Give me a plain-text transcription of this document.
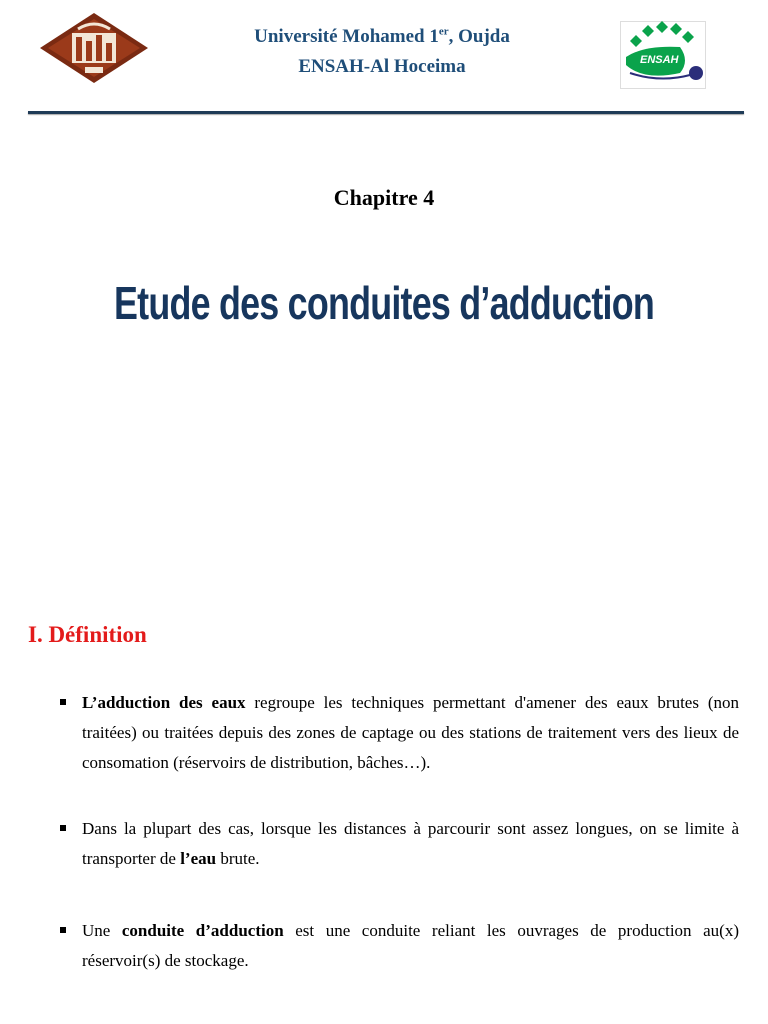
Université Mohamed 1er, Oujda
ENSAH-Al Hoceima	ENSAH
Chapitre 4
Etude des conduites d’adduction
I. Définition
L’adduction des eaux regroupe les techniques permettant d'amener des eaux brutes (non traitées) ou traitées depuis des zones de captage ou des stations de traitement vers des lieux de consomation (réservoirs de distribution, bâches…).
Dans la plupart des cas, lorsque les distances à parcourir sont assez longues, on se limite à transporter de l’eau brute.
Une conduite d’adduction est une conduite reliant les ouvrages de production au(x) réservoir(s) de stockage.
